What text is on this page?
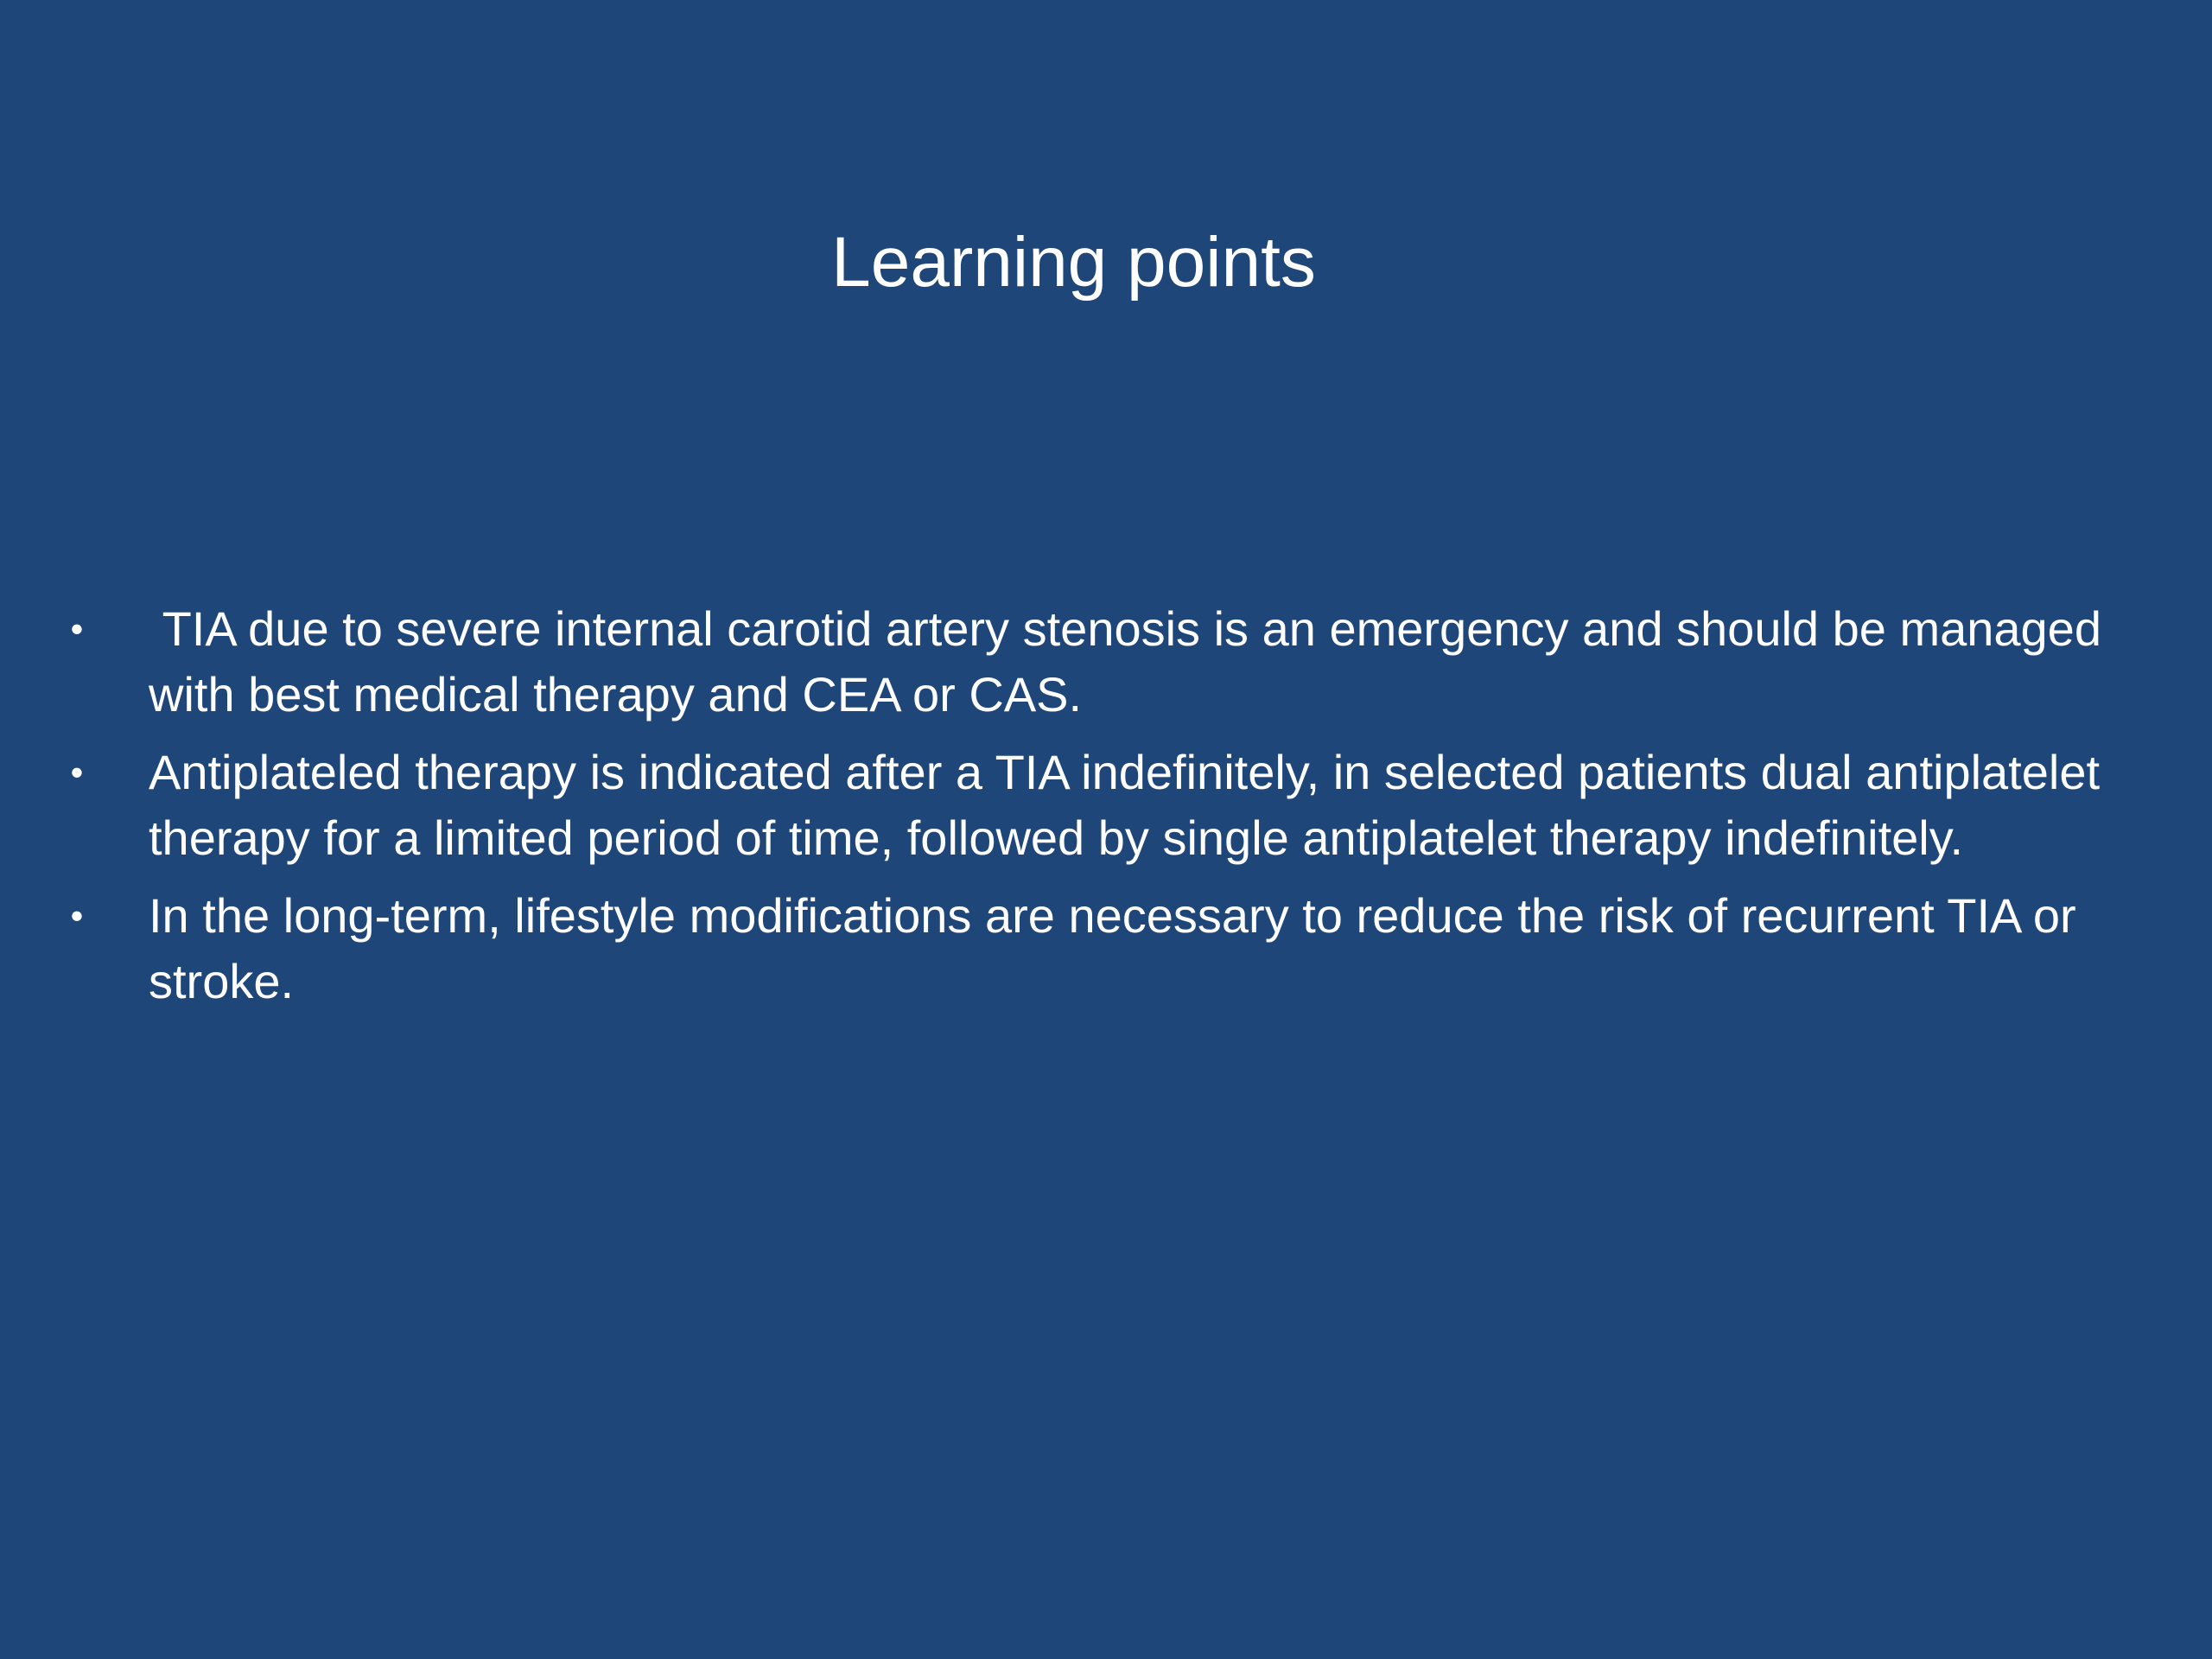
Learning points
• TIA due to severe internal carotid artery stenosis is an emergency and should be managed with best medical therapy and CEA or CAS.
• Antiplateled therapy is indicated after a TIA indefinitely, in selected patients dual antiplatelet therapy for a limited period of time, followed by single antiplatelet therapy indefinitely.
• In the long-term, lifestyle modifications are necessary to reduce the risk of recurrent TIA or stroke.
